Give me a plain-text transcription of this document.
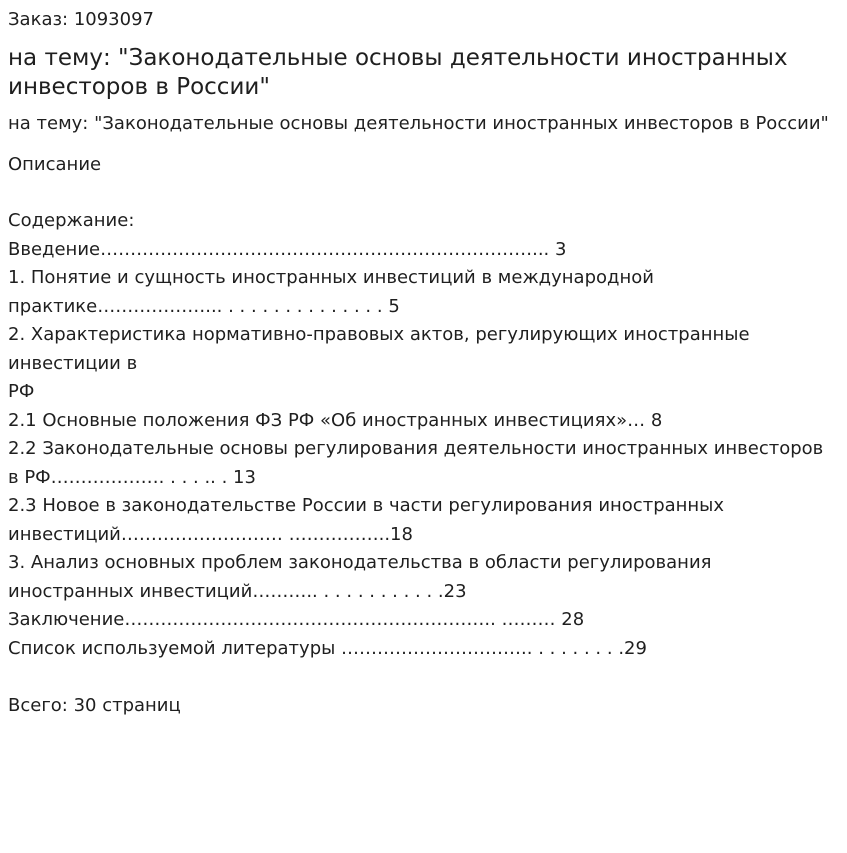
Заказ: 1093097
на тему: "Законодательные основы деятельности иностранных инвесторов в России"
на тему: "Законодательные основы деятельности иностранных инвесторов в России"
Описание
Содержание:
Введение………………………………………………………………... 3
1. Понятие и сущность иностранных инвестиций в международной практике………………... . . . . . . . . . . . . . . 5
2. Характеристика нормативно-правовых актов, регулирующих иностранные инвестиции в
РФ
2.1 Основные положения ФЗ РФ «Об иностранных инвестициях»… 8
2.2 Законодательные основы регулирования деятельности иностранных инвесторов в РФ………………. . . . .. . 13
2.3 Новое в законодательстве России в части регулирования иностранных инвестиций……………………… ……………..18
3. Анализ основных проблем законодательства в области регулирования иностранных инвестиций……….. . . . . . . . . . . .23
Заключение…………………………………………………….. ……… 28
Список используемой литературы ………………………….. . . . . . . . .29
Всего: 30 страниц
